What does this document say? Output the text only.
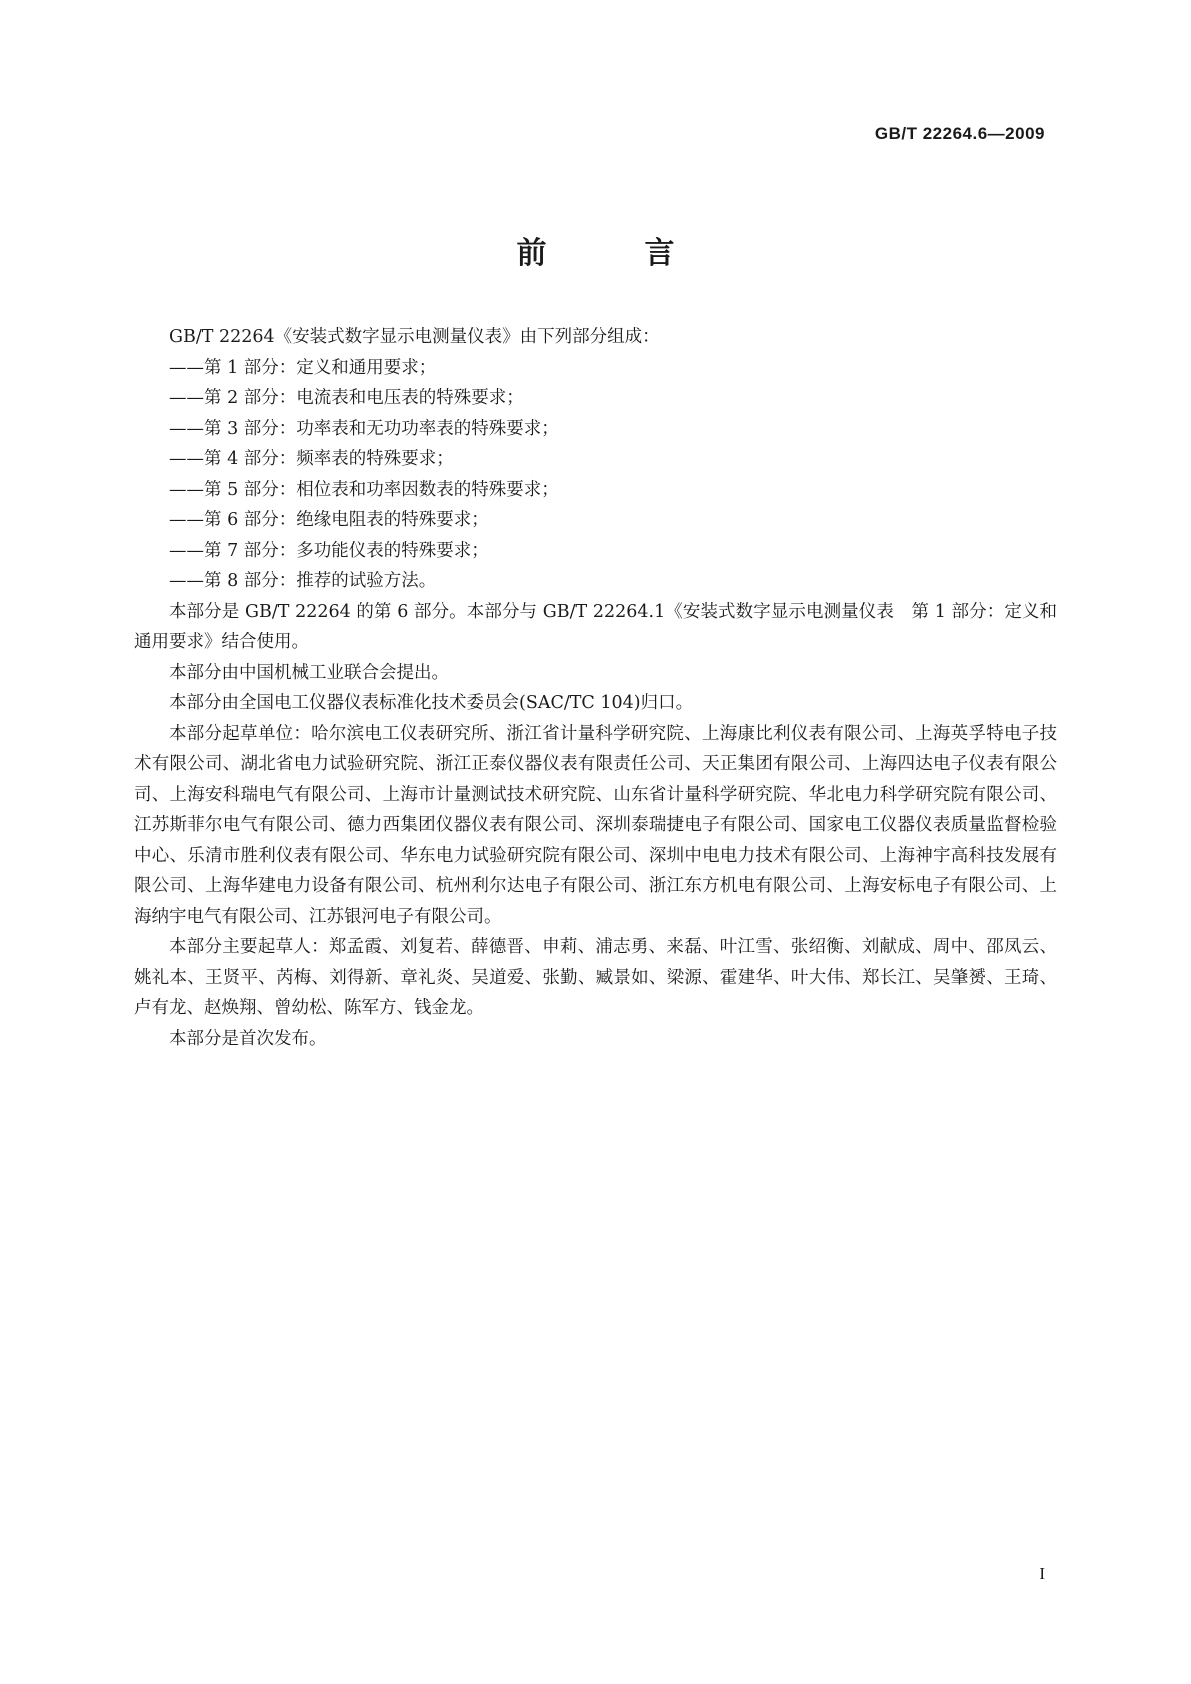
GB/T 22264.6—2009
前　言

GB/T 22264《安装式数字显示电测量仪表》由下列部分组成：

——第 1 部分：定义和通用要求；

——第 2 部分：电流表和电压表的特殊要求；

——第 3 部分：功率表和无功功率表的特殊要求；

——第 4 部分：频率表的特殊要求；

——第 5 部分：相位表和功率因数表的特殊要求；

——第 6 部分：绝缘电阻表的特殊要求；

——第 7 部分：多功能仪表的特殊要求；

——第 8 部分：推荐的试验方法。

本部分是 GB/T 22264 的第 6 部分。本部分与 GB/T 22264.1《安装式数字显示电测量仪表　第 1 部分：定义和通用要求》结合使用。

本部分由中国机械工业联合会提出。

本部分由全国电工仪器仪表标准化技术委员会(SAC/TC 104)归口。

本部分起草单位：哈尔滨电工仪表研究所、浙江省计量科学研究院、上海康比利仪表有限公司、上海英孚特电子技术有限公司、湖北省电力试验研究院、浙江正泰仪器仪表有限责任公司、天正集团有限公司、上海四达电子仪表有限公司、上海安科瑞电气有限公司、上海市计量测试技术研究院、山东省计量科学研究院、华北电力科学研究院有限公司、江苏斯菲尔电气有限公司、德力西集团仪器仪表有限公司、深圳泰瑞捷电子有限公司、国家电工仪器仪表质量监督检验中心、乐清市胜利仪表有限公司、华东电力试验研究院有限公司、深圳中电电力技术有限公司、上海神宇高科技发展有限公司、上海华建电力设备有限公司、杭州利尔达电子有限公司、浙江东方机电有限公司、上海安标电子有限公司、上海纳宇电气有限公司、江苏银河电子有限公司。

本部分主要起草人：郑孟霞、刘复若、薛德晋、申莉、浦志勇、来磊、叶江雪、张绍衡、刘献成、周中、邵凤云、姚礼本、王贤平、芮梅、刘得新、章礼炎、吴道爱、张勤、臧景如、梁源、霍建华、叶大伟、郑长江、吴肇赟、王琦、卢有龙、赵焕翔、曾幼松、陈军方、钱金龙。

本部分是首次发布。

I
